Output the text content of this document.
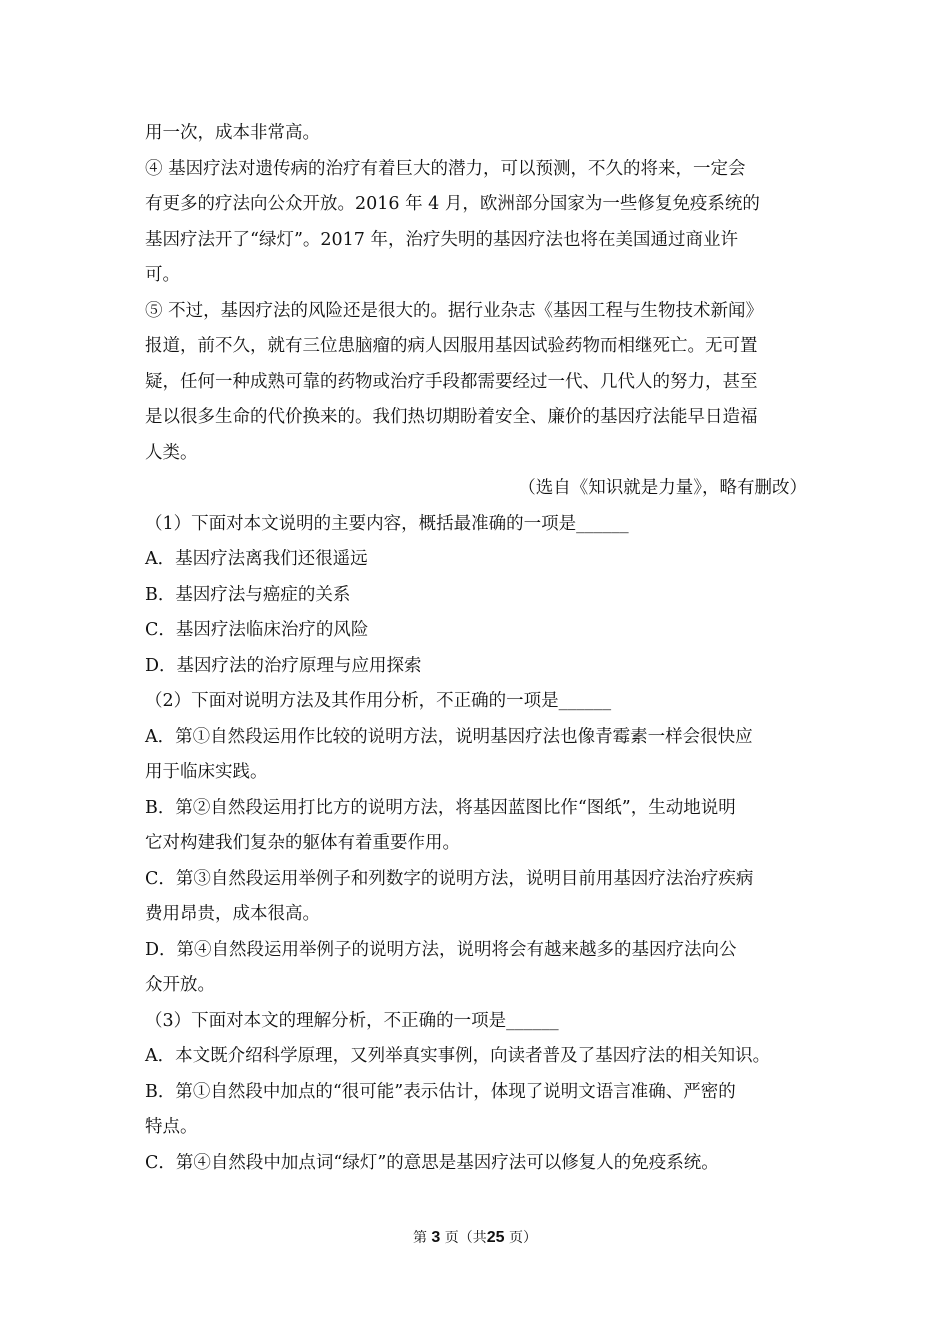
用一次，成本非常高。
④ 基因疗法对遗传病的治疗有着巨大的潜力，可以预测，不久的将来，一定会
有更多的疗法向公众开放。2016 年 4 月，欧洲部分国家为一些修复免疫系统的
基因疗法开了“绿灯”。2017 年，治疗失明的基因疗法也将在美国通过商业许
可。
⑤ 不过，基因疗法的风险还是很大的。据行业杂志《基因工程与生物技术新闻》
报道，前不久，就有三位患脑瘤的病人因服用基因试验药物而相继死亡。无可置
疑，任何一种成熟可靠的药物或治疗手段都需要经过一代、几代人的努力，甚至
是以很多生命的代价换来的。我们热切期盼着安全、廉价的基因疗法能早日造福
人类。
（选自《知识就是力量》，略有删改）
（1）下面对本文说明的主要内容，概括最准确的一项是______
A．基因疗法离我们还很遥远
B．基因疗法与癌症的关系
C．基因疗法临床治疗的风险
D．基因疗法的治疗原理与应用探索
（2）下面对说明方法及其作用分析，不正确的一项是______
A．第①自然段运用作比较的说明方法，说明基因疗法也像青霉素一样会很快应
用于临床实践。
B．第②自然段运用打比方的说明方法，将基因蓝图比作“图纸”，生动地说明
它对构建我们复杂的躯体有着重要作用。
C．第③自然段运用举例子和列数字的说明方法，说明目前用基因疗法治疗疾病
费用昂贵，成本很高。
D．第④自然段运用举例子的说明方法，说明将会有越来越多的基因疗法向公
众开放。
（3）下面对本文的理解分析，不正确的一项是______
A．本文既介绍科学原理，又列举真实事例，向读者普及了基因疗法的相关知识。
B．第①自然段中加点的“很可能”表示估计，体现了说明文语言准确、严密的
特点。
C．第④自然段中加点词“绿灯”的意思是基因疗法可以修复人的免疫系统。
第 3 页（共25 页）
